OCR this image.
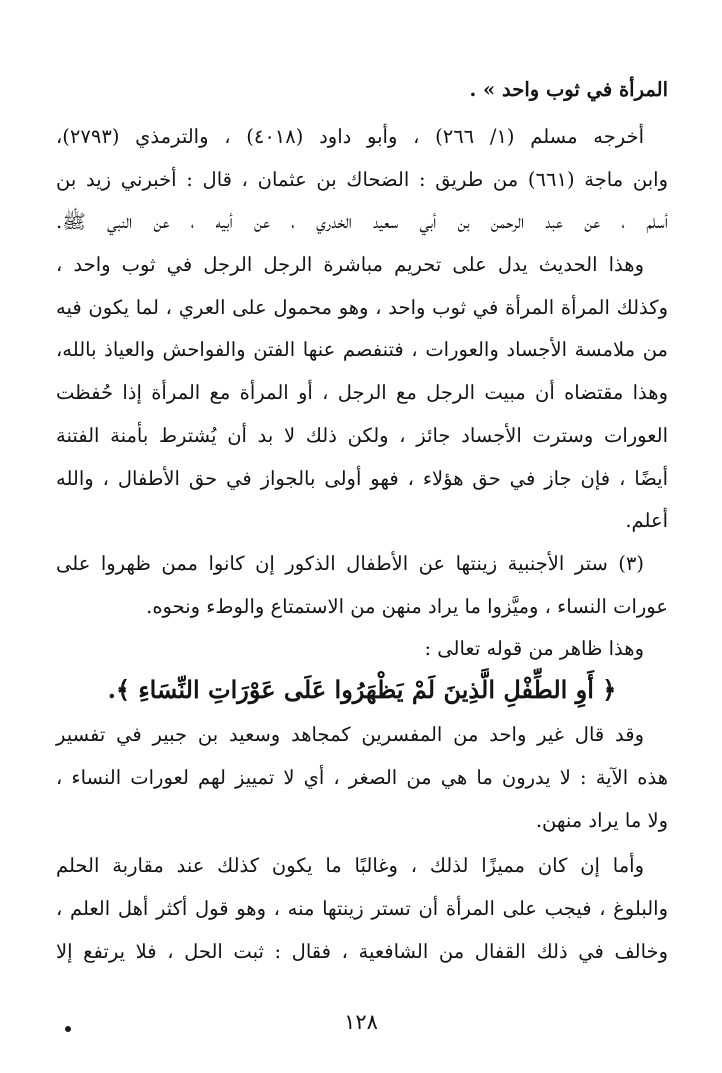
المرأة في ثوب واحد » .
أخرجه مسلم (١/ ٢٦٦) ، وأبو داود (٤٠١٨) ، والترمذي (٢٧٩٣)،
وابن ماجة (٦٦١) من طريق : الضحاك بن عثمان ، قال : أخبرني زيد بن
أسلم ، عن عبد الرحمن بن أبي سعيد الخدري ، عن أبيه ، عن النبي ﷺ.
وهذا الحديث يدل على تحريم مباشرة الرجل الرجل في ثوب واحد ،
وكذلك المرأة المرأة في ثوب واحد ، وهو محمول على العري ، لما يكون فيه
من ملامسة الأجساد والعورات ، فتنفصم عنها الفتن والفواحش والعياذ بالله،
وهذا مقتضاه أن مبيت الرجل مع الرجل ، أو المرأة مع المرأة إذا حُفظت
العورات وسترت الأجساد جائز ، ولكن ذلك لا بد أن يُشترط بأمنة الفتنة
أيضًا ، فإن جاز في حق هؤلاء ، فهو أولى بالجواز في حق الأطفال ، والله
أعلم.
(٣) ستر الأجنبية زينتها عن الأطفال الذكور إن كانوا ممن ظهروا على
عورات النساء ، وميَّزوا ما يراد منهن من الاستمتاع والوطء ونحوه.
وهذا ظاهر من قوله تعالى :
﴿ أَوِ الطِّفْلِ الَّذِينَ لَمْ يَظْهَرُوا عَلَى عَوْرَاتِ النِّسَاءِ ﴾.
وقد قال غير واحد من المفسرين كمجاهد وسعيد بن جبير في تفسير
هذه الآية : لا يدرون ما هي من الصغر ، أي لا تمييز لهم لعورات النساء ،
ولا ما يراد منهن.
وأما إن كان مميزًا لذلك ، وغالبًا ما يكون كذلك عند مقاربة الحلم
والبلوغ ، فيجب على المرأة أن تستر زينتها منه ، وهو قول أكثر أهل العلم ،
وخالف في ذلك القفال من الشافعية ، فقال : ثبت الحل ، فلا يرتفع إلا
١٢٨
